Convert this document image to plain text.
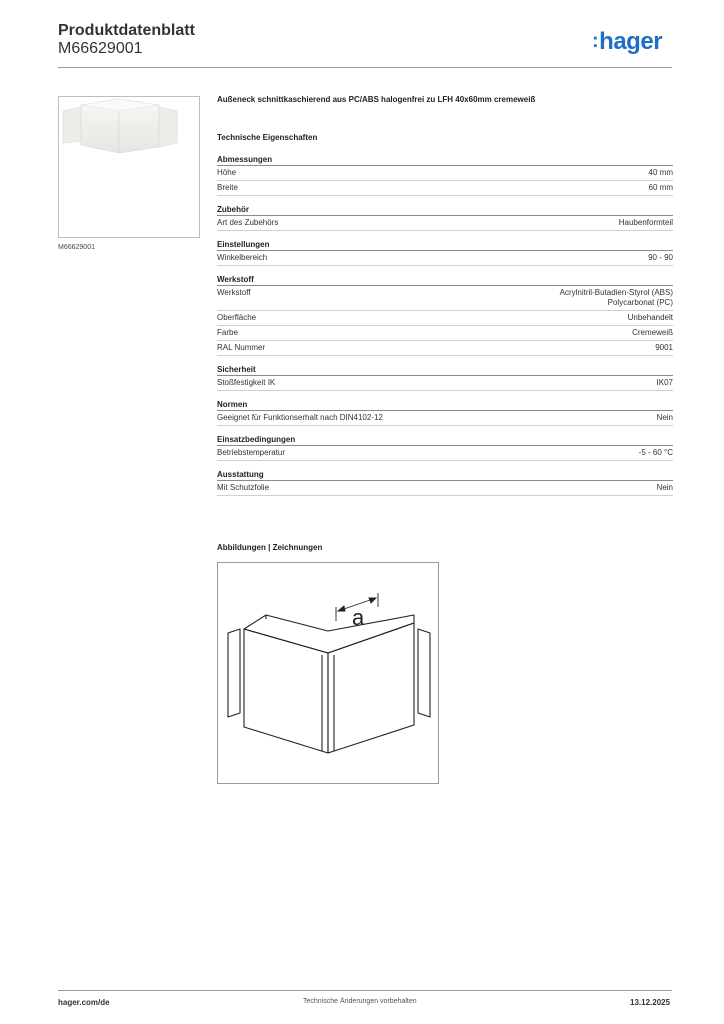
Produktdatenblatt
M66629001	:hager
M66629001
Außeneck schnittkaschierend aus PC/ABS halogenfrei zu LFH 40x60mm cremeweiß
Technische Eigenschaften
Abmessungen
Höhe	40 mm
Breite	60 mm
Zubehör
Art des Zubehörs	Haubenformteil
Einstellungen
Winkelbereich	90 - 90
Werkstoff
Werkstoff	Acrylnitril-Butadien-Styrol (ABS)
Polycarbonat (PC)
Oberfläche	Unbehandelt
Farbe	Cremeweiß
RAL Nummer	9001
Sicherheit
Stoßfestigkeit IK	IK07
Normen
Geeignet für Funktionserhalt nach DIN4102-12	Nein
Einsatzbedingungen
Betriebstemperatur	-5 - 60 °C
Ausstattung
Mit Schutzfolie	Nein
Abbildungen | Zeichnungen
a
hager.com/de	Technische Änderungen vorbehalten	13.12.2025
